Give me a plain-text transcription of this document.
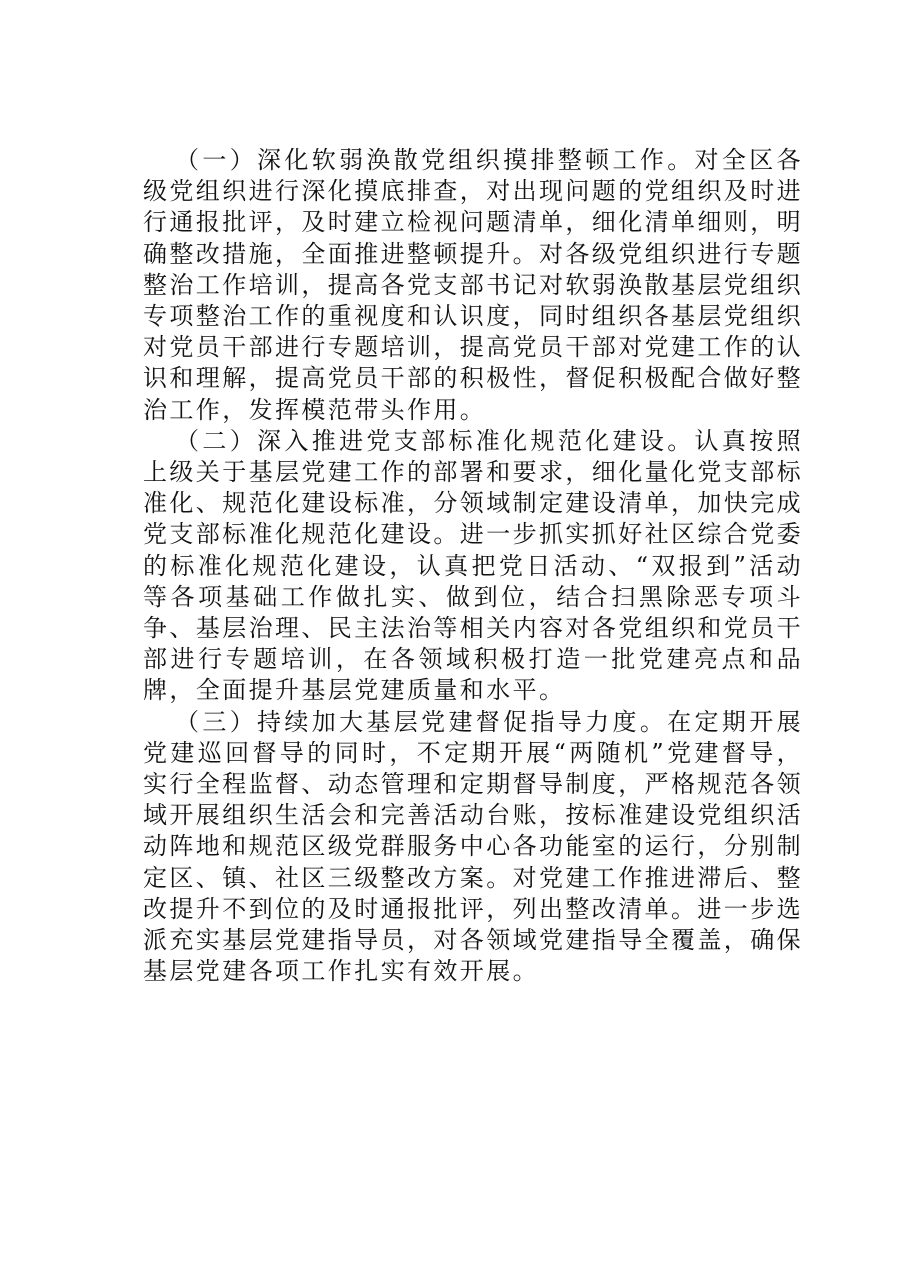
（一）深化软弱涣散党组织摸排整顿工作。对全区各级党组织进行深化摸底排查，对出现问题的党组织及时进行通报批评，及时建立检视问题清单，细化清单细则，明确整改措施，全面推进整顿提升。对各级党组织进行专题整治工作培训，提高各党支部书记对软弱涣散基层党组织专项整治工作的重视度和认识度，同时组织各基层党组织对党员干部进行专题培训，提高党员干部对党建工作的认识和理解，提高党员干部的积极性，督促积极配合做好整治工作，发挥模范带头作用。

（二）深入推进党支部标准化规范化建设。认真按照上级关于基层党建工作的部署和要求，细化量化党支部标准化、规范化建设标准，分领域制定建设清单，加快完成党支部标准化规范化建设。进一步抓实抓好社区综合党委的标准化规范化建设，认真把党日活动、“双报到”活动等各项基础工作做扎实、做到位，结合扫黑除恶专项斗争、基层治理、民主法治等相关内容对各党组织和党员干部进行专题培训，在各领域积极打造一批党建亮点和品牌，全面提升基层党建质量和水平。

（三）持续加大基层党建督促指导力度。在定期开展党建巡回督导的同时，不定期开展“两随机”党建督导，实行全程监督、动态管理和定期督导制度，严格规范各领域开展组织生活会和完善活动台账，按标准建设党组织活动阵地和规范区级党群服务中心各功能室的运行，分别制定区、镇、社区三级整改方案。对党建工作推进滞后、整改提升不到位的及时通报批评，列出整改清单。进一步选派充实基层党建指导员，对各领域党建指导全覆盖，确保基层党建各项工作扎实有效开展。
